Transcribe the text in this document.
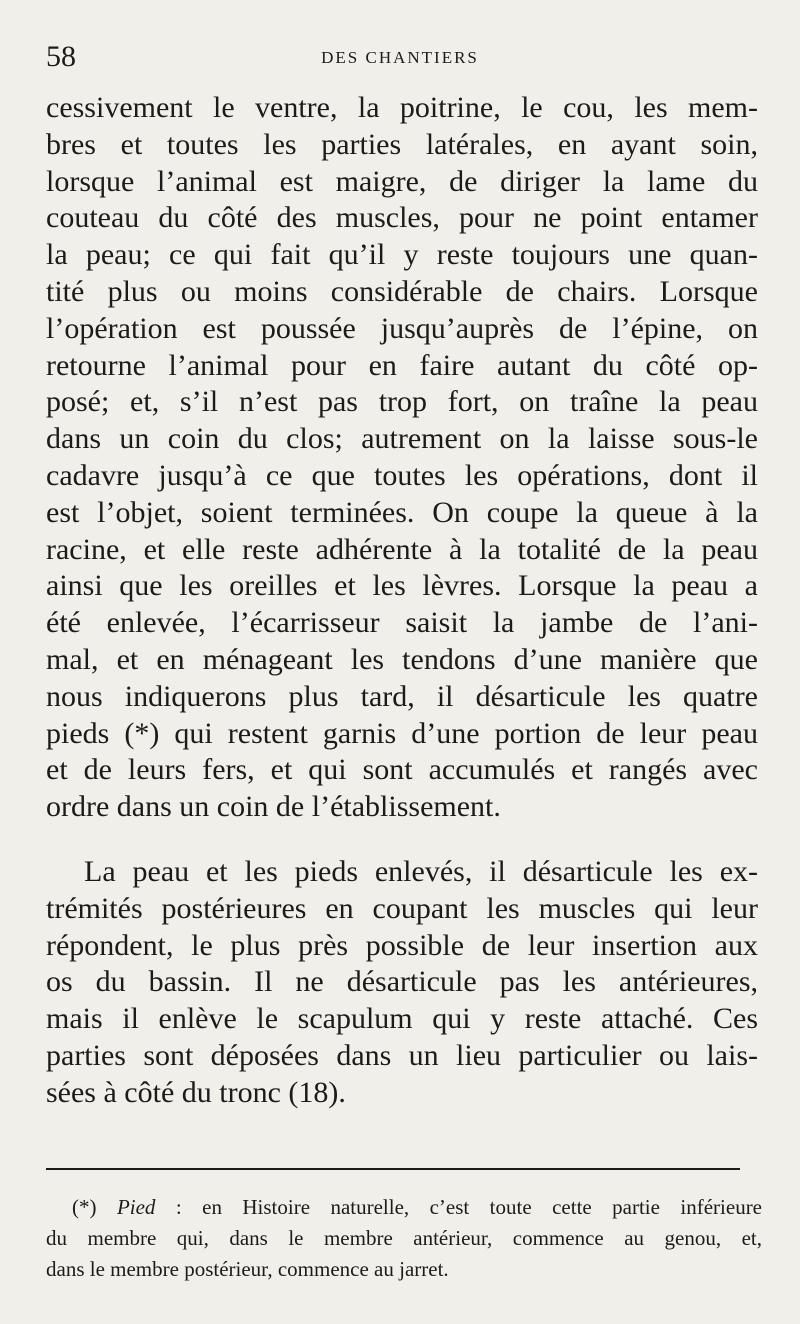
58	DES CHANTIERS
cessivement le ventre, la poitrine, le cou, les mem-
bres et toutes les parties latérales, en ayant soin,
lorsque l’animal est maigre, de diriger la lame du
couteau du côté des muscles, pour ne point entamer
la peau; ce qui fait qu’il y reste toujours une quan-
tité plus ou moins considérable de chairs. Lorsque
l’opération est poussée jusqu’auprès de l’épine, on
retourne l’animal pour en faire autant du côté op-
posé; et, s’il n’est pas trop fort, on traîne la peau
dans un coin du clos; autrement on la laisse sous-le
cadavre jusqu’à ce que toutes les opérations, dont il
est l’objet, soient terminées. On coupe la queue à la
racine, et elle reste adhérente à la totalité de la peau
ainsi que les oreilles et les lèvres. Lorsque la peau a
été enlevée, l’écarrisseur saisit la jambe de l’ani-
mal, et en ménageant les tendons d’une manière que
nous indiquerons plus tard, il désarticule les quatre
pieds (*) qui restent garnis d’une portion de leur peau
et de leurs fers, et qui sont accumulés et rangés avec
ordre dans un coin de l’établissement.
La peau et les pieds enlevés, il désarticule les ex-
trémités postérieures en coupant les muscles qui leur
répondent, le plus près possible de leur insertion aux
os du bassin. Il ne désarticule pas les antérieures,
mais il enlève le scapulum qui y reste attaché. Ces
parties sont déposées dans un lieu particulier ou lais-
sées à côté du tronc (18).
(*) Pied : en Histoire naturelle, c’est toute cette partie inférieure
du membre qui, dans le membre antérieur, commence au genou, et,
dans le membre postérieur, commence au jarret.
